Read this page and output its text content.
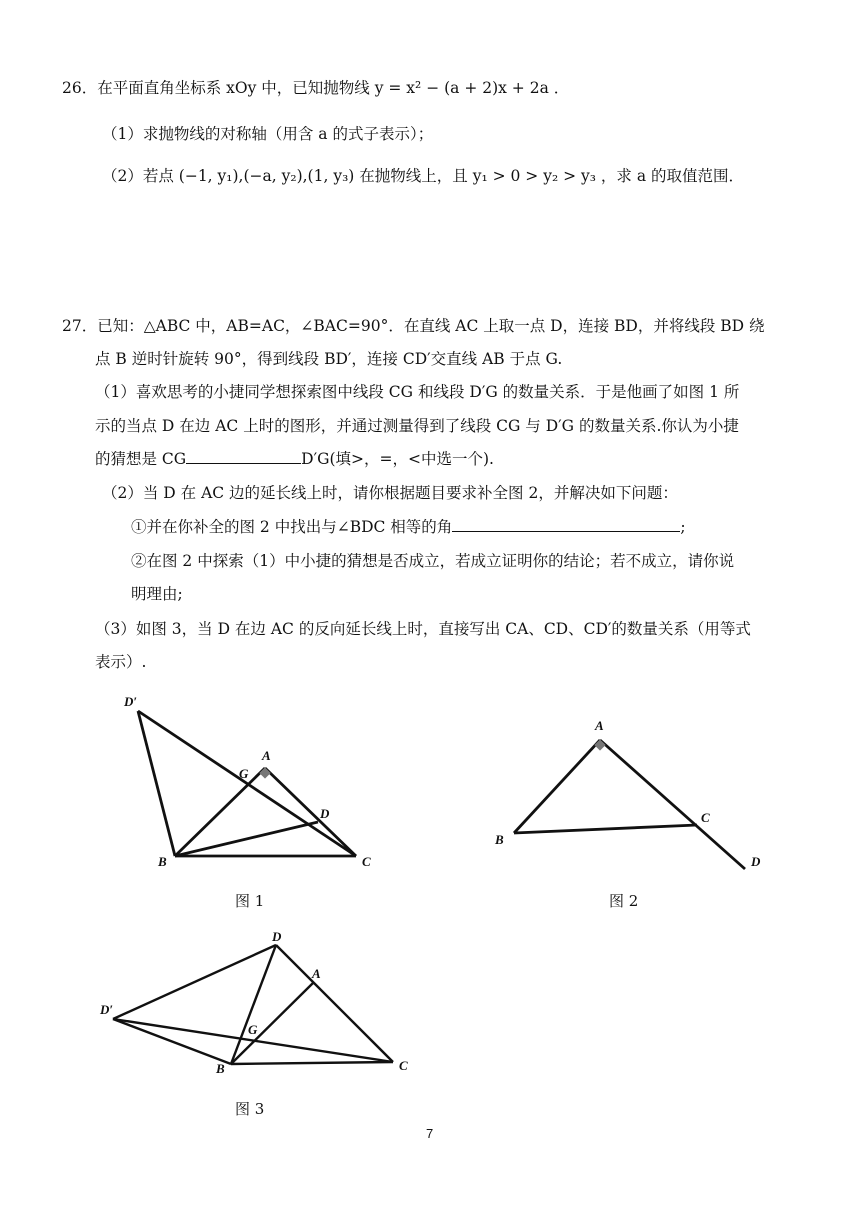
26．在平面直角坐标系 xOy 中，已知抛物线 y = x² − (a + 2)x + 2a ．
（1）求抛物线的对称轴（用含 a 的式子表示）；
（2）若点 (−1, y₁),(−a, y₂),(1, y₃) 在抛物线上，且 y₁ > 0 > y₂ > y₃ ，求 a 的取值范围．
27．已知：△ABC 中，AB=AC，∠BAC=90°．在直线 AC 上取一点 D，连接 BD，并将线段 BD 绕
点 B 逆时针旋转 90°，得到线段 BD′，连接 CD′交直线 AB 于点 G.
（1）喜欢思考的小捷同学想探索图中线段 CG 和线段 D′G 的数量关系．于是他画了如图 1 所
示的当点 D 在边 AC 上时的图形，并通过测量得到了线段 CG 与 D′G 的数量关系.你认为小捷
的猜想是 CG	D′G(填>，=，<中选一个).
（2）当 D 在 AC 边的延长线上时，请你根据题目要求补全图 2，并解决如下问题：
①并在你补全的图 2 中找出与∠BDC 相等的角	;
②在图 2 中探索（1）中小捷的猜想是否成立，若成立证明你的结论；若不成立，请你说
明理由;
（3）如图 3，当 D 在边 AC 的反向延长线上时，直接写出 CA、CD、CD′的数量关系（用等式
表示）.
D′
A
G
D
B	C
图 1
A
B
C
D
图 2
D
A
D′
G
B	C
图 3
7
